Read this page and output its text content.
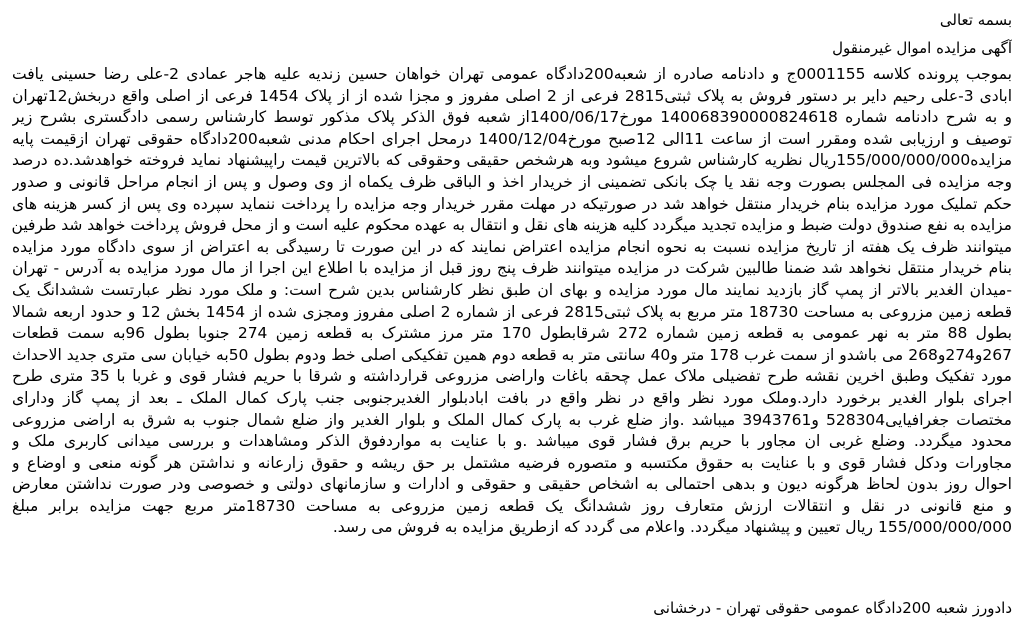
بسمه تعالی
آگهی مزایده اموال غیرمنقول
بموجب پرونده کلاسه 0001155ج و دادنامه صادره از شعبه200دادگاه عمومی تهران خواهان حسین زندیه علیه هاجر عمادی 2-علی رضا حسینی یافت
ابادی 3-علی رحیم دایر بر دستور فروش به پلاک ثبتی2815 فرعی از 2 اصلی مفروز و مجزا شده از از پلاک 1454 فرعی از اصلی واقع دربخش12تهران
و به شرح دادنامه شماره 140068390000824618 مورخ1400/06/17از شعبه فوق الذکر پلاک مذکور توسط کارشناس رسمی دادگستری بشرح زیر
توصیف و ارزیابی شده ومقرر است از ساعت 11الی 12صبح مورخ1400/12/04 درمحل اجرای احکام مدنی شعبه200دادگاه حقوقی تهران ازقیمت پایه
مزایده155/000/000/000ریال نظریه کارشناس شروع میشود وبه هرشخص حقیقی وحقوقی که بالاترین قیمت راپیشنهاد نماید فروخته خواهدشد.ده درصد
وجه مزایده فی المجلس بصورت وجه نقد یا چک بانکی تضمینی از خریدار اخذ و الباقی ظرف یکماه از وی وصول و پس از انجام مراحل قانونی و صدور
حکم تملیک مورد مزایده بنام خریدار منتقل خواهد شد در صورتیکه در مهلت مقرر خریدار وجه مزایده را پرداخت ننماید سپرده وی پس از کسر هزینه های
مزایده به نفع صندوق دولت ضبط و مزایده تجدید میگردد کلیه هزینه های نقل و انتقال به عهده محکوم علیه است و از محل فروش پرداخت خواهد شد طرفین
میتوانند ظرف یک هفته از تاریخ مزایده نسبت به نحوه انجام مزایده اعتراض نمایند که در این صورت تا رسیدگی به اعتراض از سوی دادگاه مورد مزایده
بنام خریدار منتقل نخواهد شد ضمنا طالبین شرکت در مزایده میتوانند ظرف پنج روز قبل از مزایده با اطلاع این اجرا از مال مورد مزایده به آدرس - تهران
-میدان الغدیر بالاتر از پمپ گاز بازدید نمایند مال مورد مزایده و بهای ان طبق نظر کارشناس بدین شرح است: و ملک مورد نظر عبارتست ششدانگ یک
قطعه زمین مزروعی به مساحت 18730 متر مربع به پلاک ثبتی2815 فرعی از شماره 2 اصلی مفروز ومجزی شده از 1454 بخش 12 و حدود اربعه شمالا
بطول 88 متر به نهر عمومی به قطعه زمین شماره 272 شرقابطول 170 متر مرز مشترک به قطعه زمین 274 جنوبا بطول 96به سمت قطعات
267و274و268 می باشدو از سمت غرب 178 متر و40 سانتی متر به قطعه دوم همین تفکیکی اصلی خط ودوم بطول 50به خیابان سی متری جدید الاحداث
مورد تفکیک وطبق اخرین نقشه طرح تفضیلی ملاک عمل چحقه باغات واراضی مزروعی قرارداشته و شرقا با حریم فشار قوی و غربا با 35 متری طرح
اجرای بلوار الغدیر برخورد دارد.وملک مورد نظر واقع در نظر واقع در بافت ابادبلوار الغدیرجنوبی جنب پارک کمال الملک ـ بعد از پمپ گاز ودارای
مختصات جغرافیایی528304 و3943761 میباشد .واز ضلع غرب به پارک کمال الملک و بلوار الغدیر واز ضلع شمال جنوب به شرق به اراضی مزروعی
محدود میگردد. وضلع غربی ان مجاور با حریم برق فشار قوی میباشد .و با عنایت به مواردفوق الذکر ومشاهدات و بررسی میدانی کاربری ملک و
مجاورات ودکل فشار قوی و با عنایت به حقوق مکتسبه و متصوره فرضیه مشتمل بر حق ریشه و حقوق زارعانه و نداشتن هر گونه منعی و اوضاع و
احوال روز بدون لحاظ هرگونه دیون و بدهی احتمالی به اشخاص حقیقی و حقوقی و ادارات و سازمانهای دولتی و خصوصی ودر صورت نداشتن معارض
و منع قانونی در نقل و انتقالات ارزش متعارف روز ششدانگ یک قطعه زمین مزروعی به مساحت 18730متر مربع جهت مزایده برابر مبلغ
155/000/000/000 ریال تعیین و پیشنهاد میگردد. واعلام می گردد که ازطریق مزایده به فروش می رسد.
دادورز شعبه 200دادگاه عمومی حقوقی تهران - درخشانی
